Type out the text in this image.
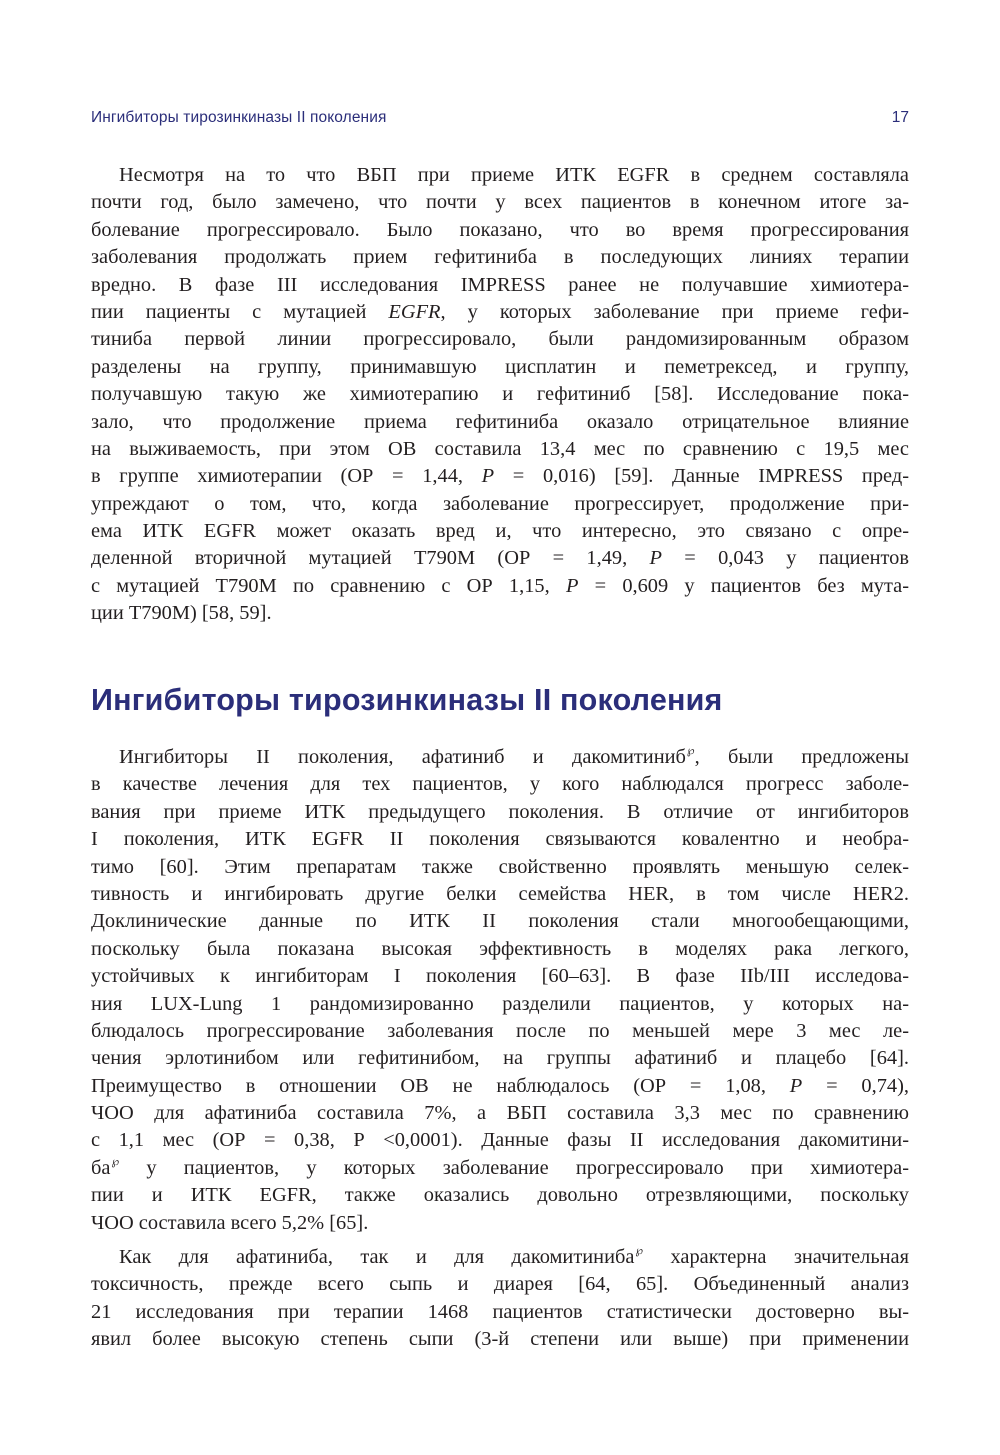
Ингибиторы тирозинкиназы II поколения	17

Несмотря на то что ВБП при приеме ИТК EGFR в среднем составляла
почти год, было замечено, что почти у всех пациентов в конечном итоге за-
болевание прогрессировало. Было показано, что во время прогрессирования
заболевания продолжать прием гефитиниба в последующих линиях терапии
вредно. В фазе III исследования IMPRESS ранее не получавшие химиотера-
пии пациенты с мутацией EGFR, у которых заболевание при приеме гефи-
тиниба первой линии прогрессировало, были рандомизированным образом
разделены на группу, принимавшую цисплатин и пеметрексед, и группу,
получавшую такую же химиотерапию и гефитиниб [58]. Исследование пока-
зало, что продолжение приема гефитиниба оказало отрицательное влияние
на выживаемость, при этом ОВ составила 13,4 мес по сравнению с 19,5 мес
в группе химиотерапии (ОР = 1,44, P = 0,016) [59]. Данные IMPRESS пред-
упреждают о том, что, когда заболевание прогрессирует, продолжение при-
ема ИТК EGFR может оказать вред и, что интересно, это связано с опре-
деленной вторичной мутацией T790M (ОР = 1,49, P = 0,043 у пациентов
с мутацией T790M по сравнению с ОР 1,15, P = 0,609 у пациентов без мута-
ции T790M) [58, 59].

Ингибиторы тирозинкиназы II поколения

Ингибиторы II поколения, афатиниб и дакомитиниб℘, были предложены
в качестве лечения для тех пациентов, у кого наблюдался прогресс заболе-
вания при приеме ИТК предыдущего поколения. В отличие от ингибиторов
I поколения, ИТК EGFR II поколения связываются ковалентно и необра-
тимо [60]. Этим препаратам также свойственно проявлять меньшую селек-
тивность и ингибировать другие белки семейства HER, в том числе HER2.
Доклинические данные по ИТК II поколения стали многообещающими,
поскольку была показана высокая эффективность в моделях рака легкого,
устойчивых к ингибиторам I поколения [60–63]. В фазе IIb/III исследова-
ния LUX-Lung 1 рандомизированно разделили пациентов, у которых на-
блюдалось прогрессирование заболевания после по меньшей мере 3 мес ле-
чения эрлотинибом или гефитинибом, на группы афатиниб и плацебо [64].
Преимущество в отношении ОВ не наблюдалось (ОР = 1,08, P = 0,74),
ЧОО для афатиниба составила 7%, а ВБП составила 3,3 мес по сравнению
с 1,1 мес (ОР = 0,38, Р <0,0001). Данные фазы II исследования дакомитини-
ба℘ у пациентов, у которых заболевание прогрессировало при химиотера-
пии и ИТК EGFR, также оказались довольно отрезвляющими, поскольку
ЧОО составила всего 5,2% [65].

Как для афатиниба, так и для дакомитиниба℘ характерна значительная
токсичность, прежде всего сыпь и диарея [64, 65]. Объединенный анализ
21 исследования при терапии 1468 пациентов статистически достоверно вы-
явил более высокую степень сыпи (3-й степени или выше) при применении
